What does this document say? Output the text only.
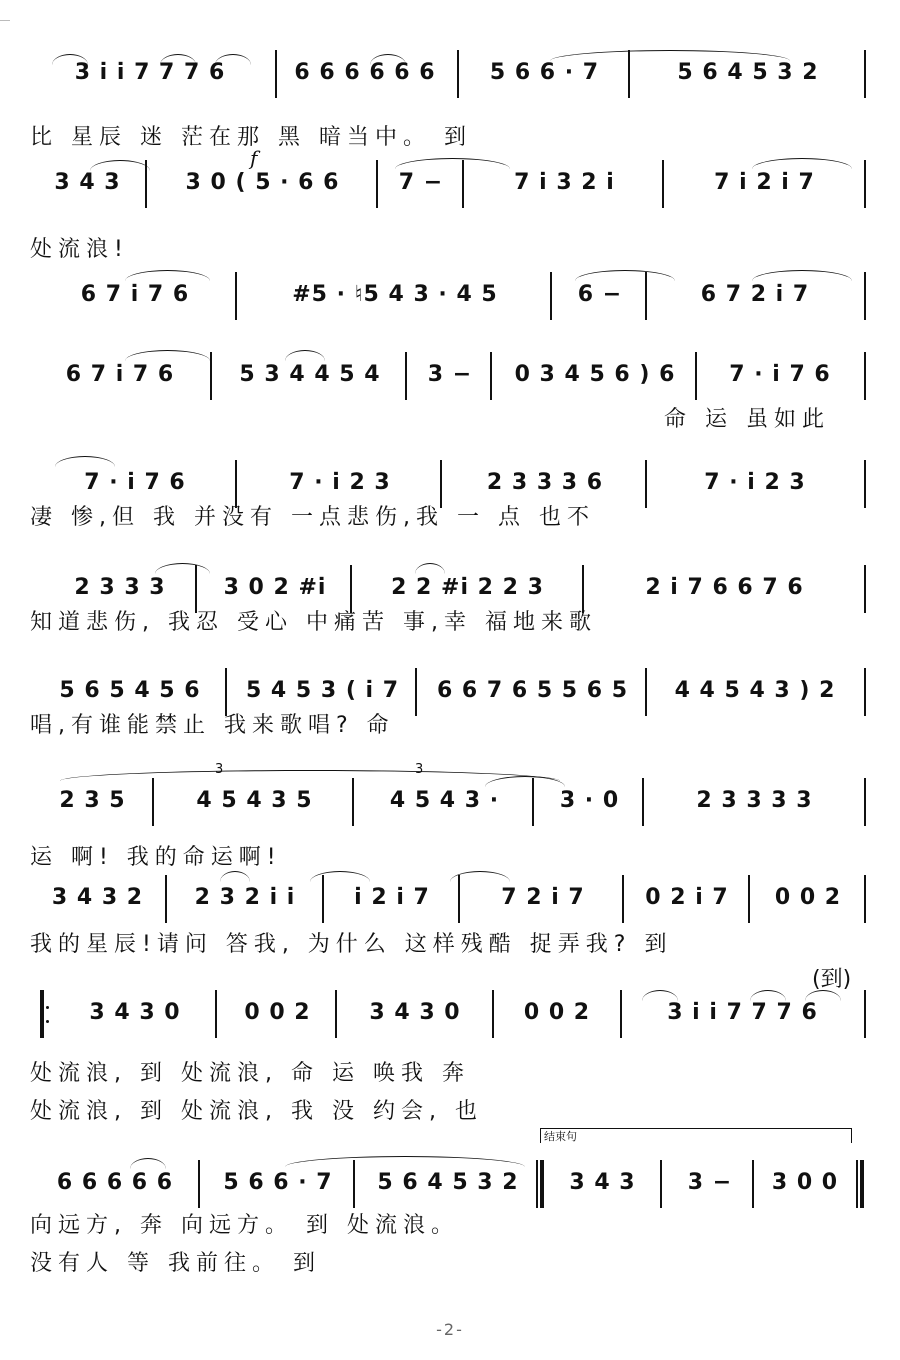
3 i̇ i̇ 7 7 7 6	6 6 6 6 6 6	5 6 6 · 7	5 6 4 5 3 2
比 星辰 迷 茫在那 黑 暗当中。 到
3 4 3	3 0 ( 5 · 6 6	7 −	7 i̇ 3 2 i̇	7 i̇ 2 i̇ 7
f
处流浪!
6 7 i̇ 7 6	#5 · ♮5 4 3 · 4 5	6 −	6 7 2 i̇ 7
6 7 i̇ 7 6	5 3 4 4 5 4	3 −	0 3 4 5 6 ) 6	7 · i̇ 7 6
命 运 虽如此
7 · i̇ 7 6	7 · i̇ 2 3	2 3 3 3 6	7 · i̇ 2 3
凄 惨,但 我 并没有 一点悲伤,我 一 点 也不
2 3 3 3	3 0 2 #i̇	2 2 #i̇ 2 2 3	2 i̇ 7 6 6 7 6
知道悲伤, 我忍 受心 中痛苦 事,幸 福地来歌
5 6 5 4 5 6	5 4 5 3 ( i̇ 7	6 6 7 6 5 5 6 5	4 4 5 4 3 ) 2
唱,有谁能禁止 我来歌唱? 命
2 3 5	4 5 4 3 5	4 5 4 3 ·	3 · 0	2 3 3 3 3
3	3
运 啊! 我的命运啊!
3 4 3 2	2 3 2 i̇ i̇	i̇ 2 i̇ 7	7 2 i̇ 7	0 2 i̇ 7	0 0 2
我的星辰!请问 答我, 为什么 这样残酷 捉弄我? 到
3 4 3 0	0 0 2	3 4 3 0	0 0 2	3 i̇ i̇ 7 7 7 6
(到)
处流浪, 到 处流浪, 命 运 唤我 奔
处流浪, 到 处流浪, 我 没 约会, 也
结束句
6 6 6 6 6	5 6 6 · 7	5 6 4 5 3 2	3 4 3	3 −	3 0 0
向远方, 奔 向远方。 到 处流浪。
没有人 等 我前往。 到
-2-
